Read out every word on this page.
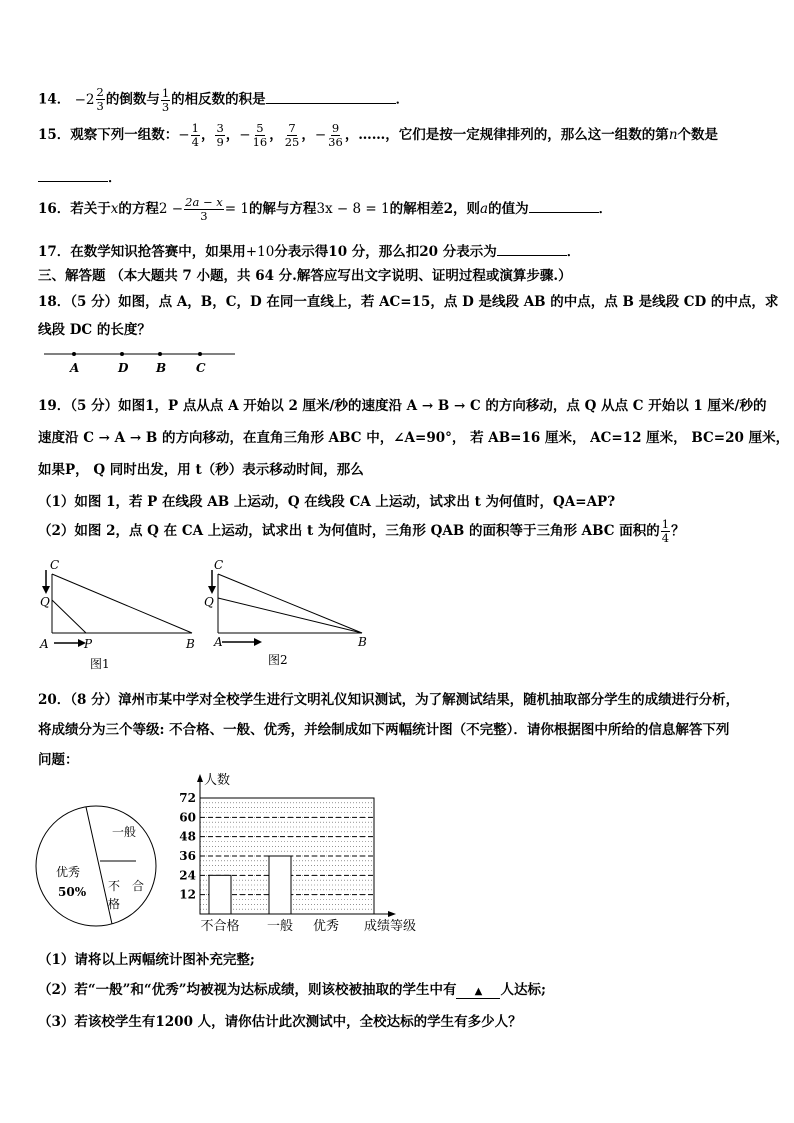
14． $-2 \frac{2}{3}$ 的倒数与 $\frac{1}{3}$ 的相反数的积是	．
15．观察下列一组数：− $\frac{1}{4}$ ， $\frac{3}{9}$ ，− $\frac{5}{16}$ ， $\frac{7}{25}$ ，− $\frac{9}{36}$ ，……，它们是按一定规律排列的，那么这一组数的第n个数是
．
16．若关于x的方程$2 - \frac{2a - x}{3} = 1$的解与方程3x − 8 = 1的解相差2，则a的值为	．
17．在数学知识抢答赛中，如果用+10分表示得10 分，那么扣20 分表示为	．
三、解答题 （本大题共 7 小题，共 64 分.解答应写出文字说明、证明过程或演算步骤.）
18．（5 分）如图，点 A，B，C，D 在同一直线上，若 AC=15，点 D 是线段 AB 的中点，点 B 是线段 CD 的中点，求
线段 DC 的长度？
A	D B C
19．（5 分）如图1，P 点从点 A 开始以 2 厘米/秒的速度沿 A → B → C 的方向移动，点 Q 从点 C 开始以 1 厘米/秒的
速度沿 C → A → B 的方向移动，在直角三角形 ABC 中，∠A=90°， 若 AB=16 厘米， AC=12 厘米， BC=20 厘米，
如果P， Q 同时出发，用 t（秒）表示移动时间，那么
（1）如图 1，若 P 在线段 AB 上运动，Q 在线段 CA 上运动，试求出 t 为何值时，QA=AP?
（2）如图 2，点 Q 在 CA 上运动，试求出 t 为何值时，三角形 QAB 的面积等于三角形 ABC 面积的 $\frac{1}{4}$ ？
C
Q
A	P	B
图1
C
Q
A	B
图2
20．（8 分）漳州市某中学对全校学生进行文明礼仪知识测试，为了解测试结果，随机抽取部分学生的成绩进行分析，
将成绩分为三个等级: 不合格、一般、优秀，并绘制成如下两幅统计图（不完整）．请你根据图中所给的信息解答下列
问题：
一般
优秀
50% 不 合
格
12
24
36
48
60
72
人数
不合格 一般 优秀 成绩等级
（1）请将以上两幅统计图补充完整;
（2）若“一般”和“优秀”均被视为达标成绩，则该校被抽取的学生中有 ▲ 人达标;
（3）若该校学生有1200 人，请你估计此次测试中，全校达标的学生有多少人？
